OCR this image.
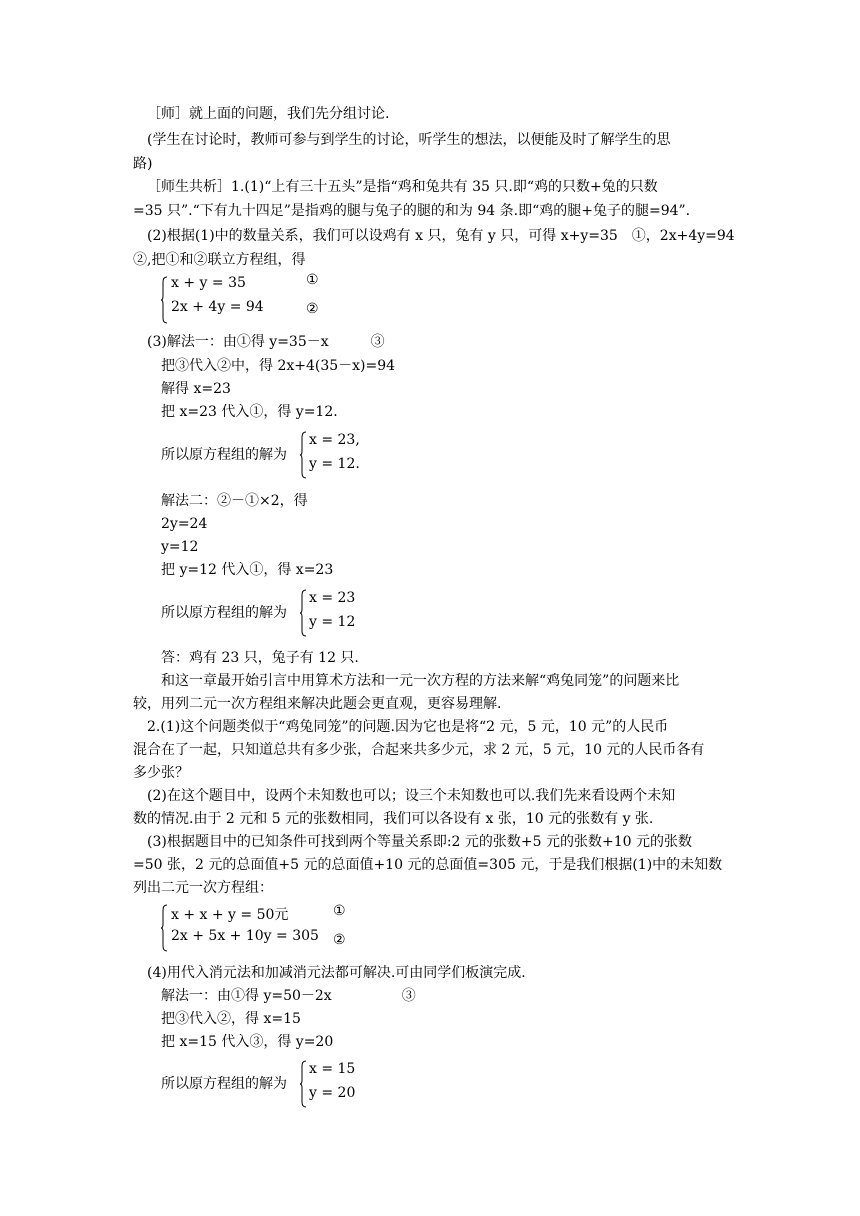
［师］就上面的问题，我们先分组讨论.
(学生在讨论时，教师可参与到学生的讨论，听学生的想法，以便能及时了解学生的思
路)
［师生共析］1.(1)“上有三十五头”是指“鸡和兔共有 35 只.即“鸡的只数+兔的只数
=35 只”.“下有九十四足”是指鸡的腿与兔子的腿的和为 94 条.即“鸡的腿+兔子的腿=94”.
(2)根据(1)中的数量关系，我们可以设鸡有 x 只，兔有 y 只，可得 x+y=35　①，2x+4y=94
②,把①和②联立方程组，得
x + y = 35
2x + 4y = 94
①
②
(3)解法一：由①得 y=35－x　　　③
把③代入②中，得 2x+4(35－x)=94
解得 x=23
把 x=23 代入①，得 y=12.
所以原方程组的解为
x = 23,
y = 12.
解法二：②－①×2，得
2y=24
y=12
把 y=12 代入①，得 x=23
所以原方程组的解为
x = 23
y = 12
答：鸡有 23 只，兔子有 12 只.
和这一章最开始引言中用算术方法和一元一次方程的方法来解“鸡兔同笼”的问题来比
较，用列二元一次方程组来解决此题会更直观，更容易理解.
2.(1)这个问题类似于“鸡兔同笼”的问题.因为它也是将“2 元，5 元，10 元”的人民币
混合在了一起，只知道总共有多少张，合起来共多少元，求 2 元，5 元，10 元的人民币各有
多少张？
(2)在这个题目中，设两个未知数也可以；设三个未知数也可以.我们先来看设两个未知
数的情况.由于 2 元和 5 元的张数相同，我们可以各设有 x 张，10 元的张数有 y 张.
(3)根据题目中的已知条件可找到两个等量关系即:2 元的张数+5 元的张数+10 元的张数
=50 张，2 元的总面值+5 元的总面值+10 元的总面值=305 元，于是我们根据(1)中的未知数
列出二元一次方程组：
x + x + y = 50元
2x + 5x + 10y = 305
①
②
(4)用代入消元法和加减消元法都可解决.可由同学们板演完成.
解法一：由①得 y=50－2x　　　　　③
把③代入②，得 x=15
把 x=15 代入③，得 y=20
所以原方程组的解为
x = 15
y = 20
